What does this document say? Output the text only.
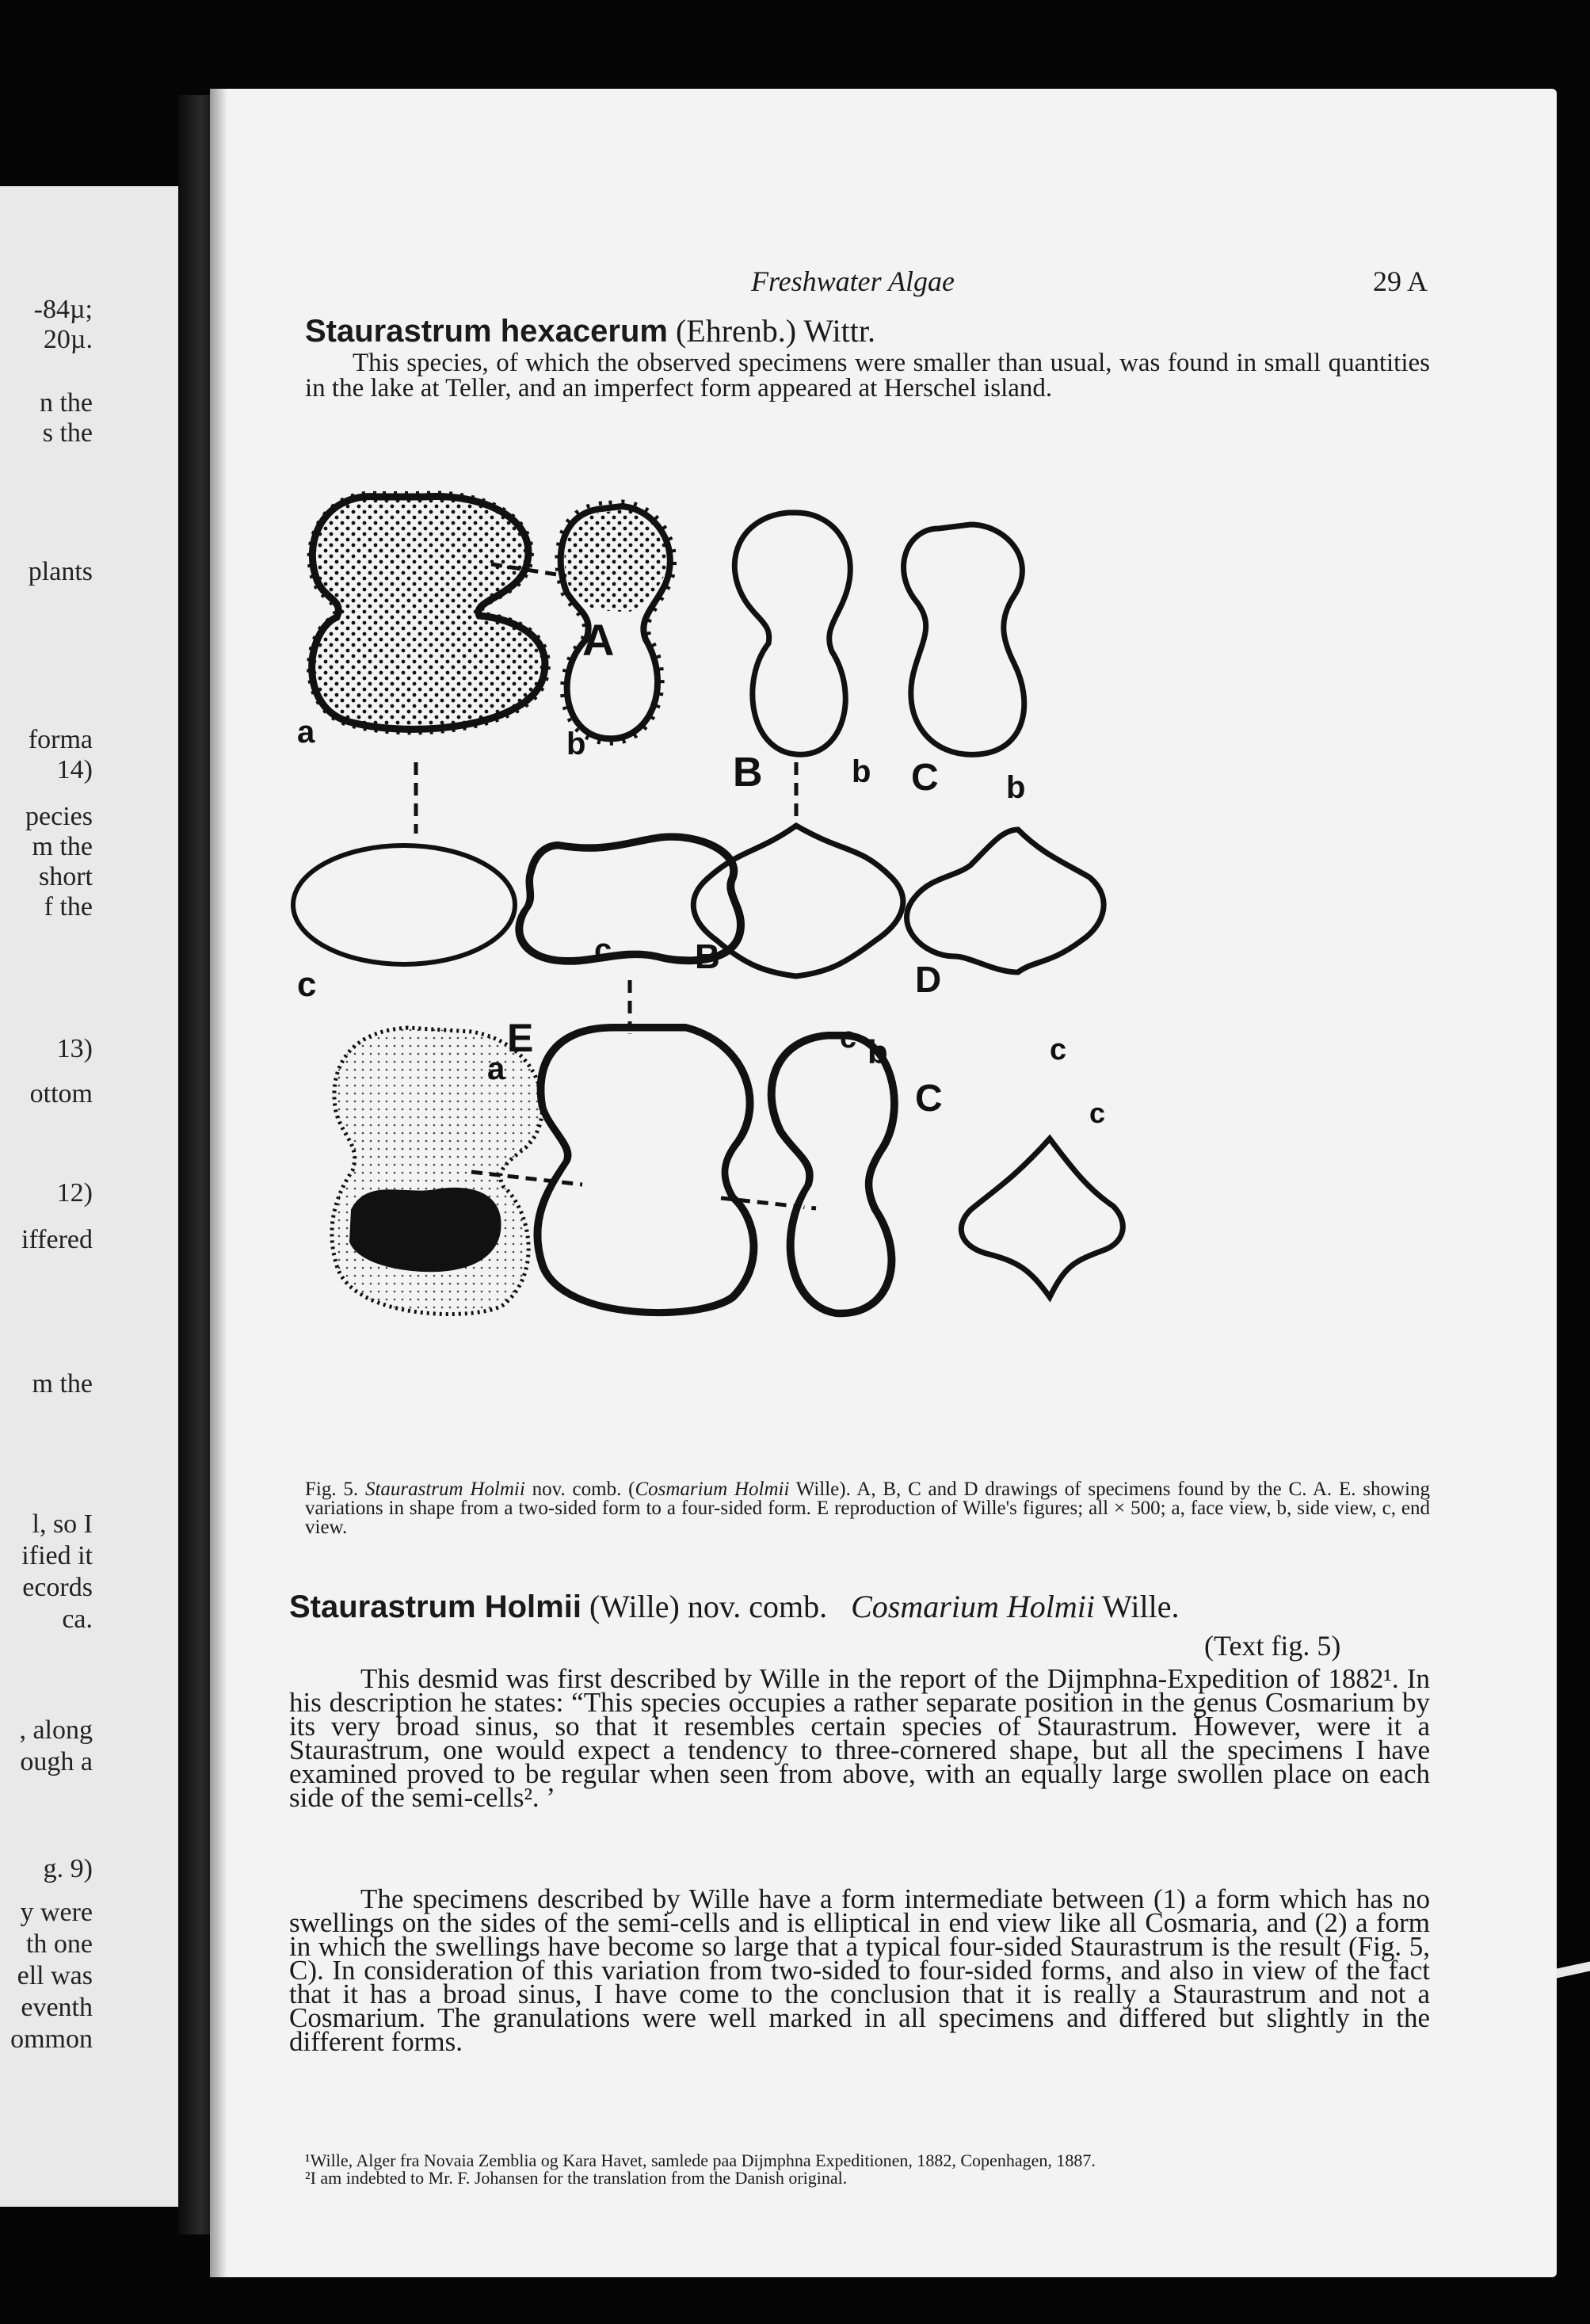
-84µ;
20µ.
n the
s the
plants
forma
14)
pecies
m the
short
f the
13)
ottom
12)
iffered
m the
l, so I
ified it
ecords
ca.
, along
ough a
g. 9)
y were
th one
ell was
eventh
ommon
Freshwater Algae	29 A
Staurastrum hexacerum (Ehrenb.) Wittr.

This species, of which the observed specimens were smaller than usual, was found in small quantities in the lake at Teller, and an imperfect form appeared at Herschel island.

A
a	b
B	b C b
c
c B
c
D
c
a
E	b
C	c
Fig. 5. Staurastrum Holmii nov. comb. (Cosmarium Holmii Wille). A, B, C and D drawings of specimens found by the C. A. E. showing variations in shape from a two-sided form to a four-sided form. E reproduction of Wille's figures; all × 500; a, face view, b, side view, c, end view.
Staurastrum Holmii (Wille) nov. comb. Cosmarium Holmii Wille.
(Text fig. 5)

This desmid was first described by Wille in the report of the Dijmphna-Expedition of 1882¹. In his description he states: “This species occupies a rather separate position in the genus Cosmarium by its very broad sinus, so that it resembles certain species of Staurastrum. However, were it a Staurastrum, one would expect a tendency to three-cornered shape, but all the specimens I have examined proved to be regular when seen from above, with an equally large swollen place on each side of the semi-cells². ’

The specimens described by Wille have a form intermediate between (1) a form which has no swellings on the sides of the semi-cells and is elliptical in end view like all Cosmaria, and (2) a form in which the swellings have become so large that a typical four-sided Staurastrum is the result (Fig. 5, C). In consideration of this variation from two-sided to four-sided forms, and also in view of the fact that it has a broad sinus, I have come to the conclusion that it is really a Staurastrum and not a Cosmarium. The granulations were well marked in all specimens and differed but slightly in the different forms.

¹Wille, Alger fra Novaia Zemblia og Kara Havet, samlede paa Dijmphna Expeditionen, 1882, Copenhagen, 1887.
²I am indebted to Mr. F. Johansen for the translation from the Danish original.
